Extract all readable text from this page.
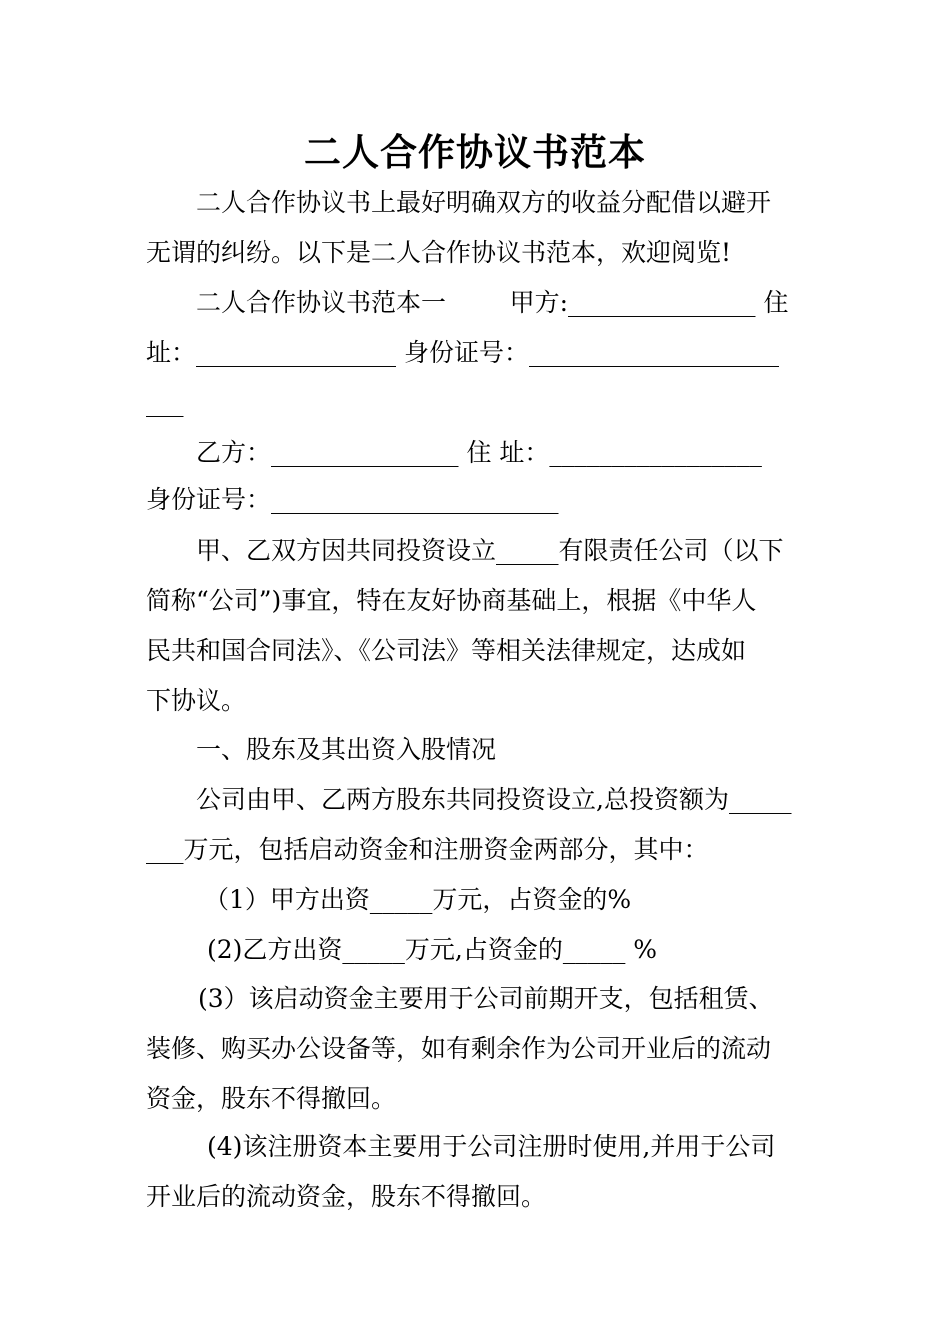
二人合作协议书范本
二人合作协议书上最好明确双方的收益分配借以避开
无谓的纠纷。以下是二人合作协议书范本，欢迎阅览!
二人合作协议书范本一        甲方:_______________ 住
址：________________ 身份证号：____________________
___
乙方：_______________ 住 址：_________________
身份证号：_______________________
甲、乙双方因共同投资设立_____有限责任公司（以下
简称“公司”)事宜，特在友好协商基础上，根据《中华人
民共和国合同法》、《公司法》等相关法律规定，达成如
下协议。
一、股东及其出资入股情况
公司由甲、乙两方股东共同投资设立,总投资额为_____
___万元，包括启动资金和注册资金两部分，其中：
（1）甲方出资_____万元，占资金的%
(2)乙方出资_____万元,占资金的_____ %
(3）该启动资金主要用于公司前期开支，包括租赁、
装修、购买办公设备等，如有剩余作为公司开业后的流动
资金，股东不得撤回。
(4)该注册资本主要用于公司注册时使用,并用于公司
开业后的流动资金，股东不得撤回。
